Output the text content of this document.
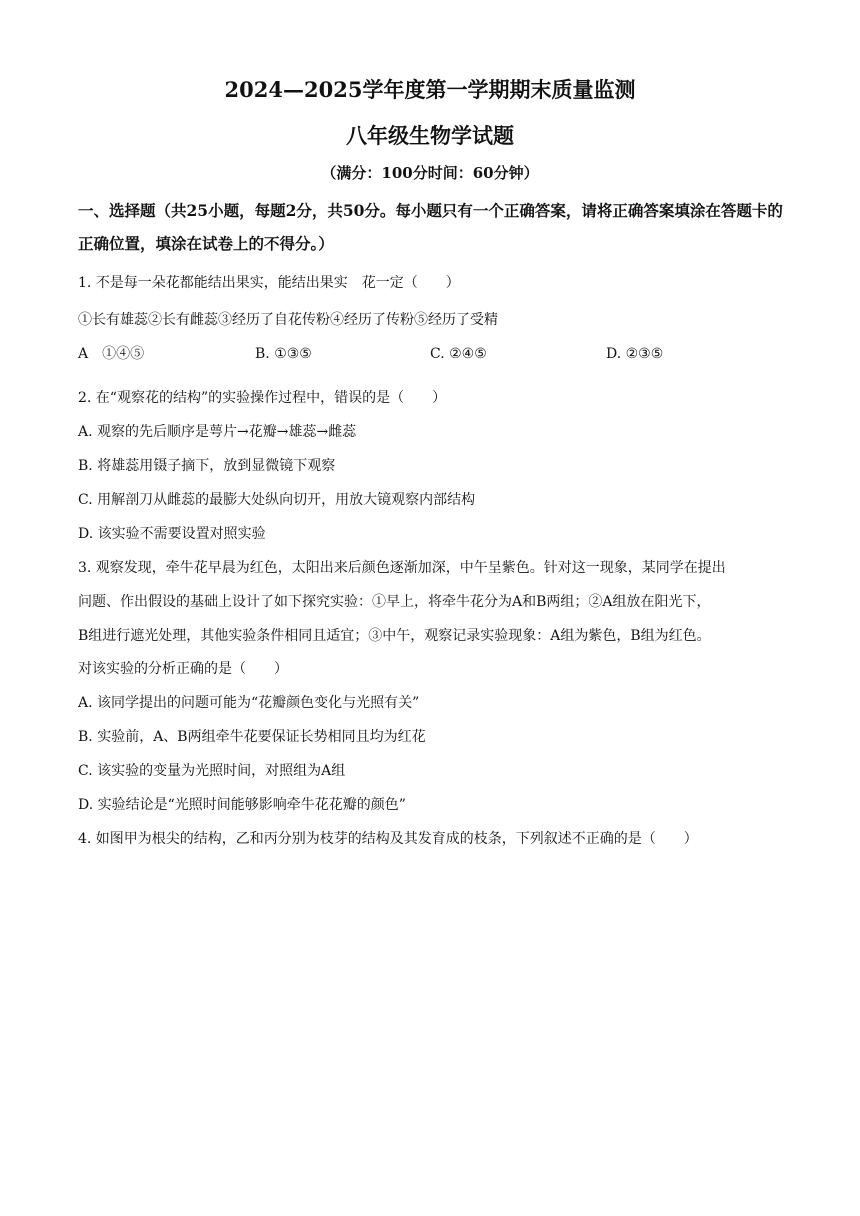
2024—2025学年度第一学期期末质量监测
八年级生物学试题
（满分：100分时间：60分钟）
一、选择题（共25小题，每题2分，共50分。每小题只有一个正确答案，请将正确答案填涂在答题卡的正确位置，填涂在试卷上的不得分。）
1. 不是每一朵花都能结出果实，能结出果实　花一定（　　）
①长有雄蕊②长有雌蕊③经历了自花传粉④经历了传粉⑤经历了受精
A　①④⑤	B. ①③⑤	C. ②④⑤	D. ②③⑤
2. 在“观察花的结构”的实验操作过程中，错误的是（　　）
A. 观察的先后顺序是萼片→花瓣→雄蕊→雌蕊
B. 将雄蕊用镊子摘下，放到显微镜下观察
C. 用解剖刀从雌蕊的最膨大处纵向切开，用放大镜观察内部结构
D. 该实验不需要设置对照实验
3. 观察发现，牵牛花早晨为红色，太阳出来后颜色逐渐加深，中午呈紫色。针对这一现象，某同学在提出
问题、作出假设的基础上设计了如下探究实验：①早上，将牵牛花分为A和B两组；②A组放在阳光下，
B组进行遮光处理，其他实验条件相同且适宜；③中午，观察记录实验现象：A组为紫色，B组为红色。
对该实验的分析正确的是（　　）
A. 该同学提出的问题可能为“花瓣颜色变化与光照有关”
B. 实验前，A、B两组牵牛花要保证长势相同且均为红花
C. 该实验的变量为光照时间，对照组为A组
D. 实验结论是“光照时间能够影响牵牛花花瓣的颜色”
4. 如图甲为根尖的结构，乙和丙分别为枝芽的结构及其发育成的枝条，下列叙述不正确的是（　　）
